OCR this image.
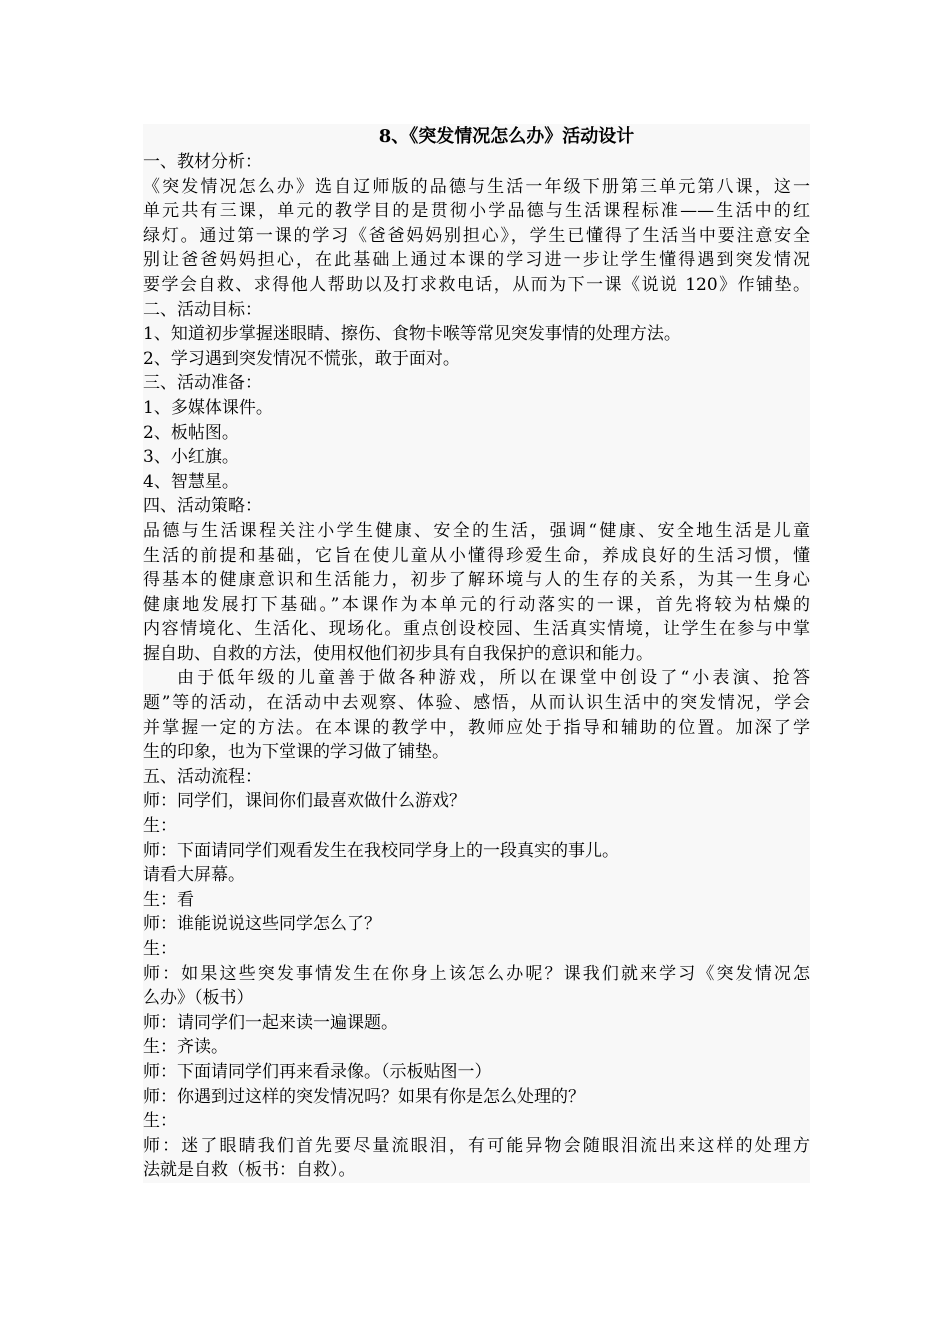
8、《突发情况怎么办》活动设计
一、教材分析：
《突发情况怎么办》选自辽师版的品德与生活一年级下册第三单元第八课，这一
单元共有三课，单元的教学目的是贯彻小学品德与生活课程标准——生活中的红
绿灯。通过第一课的学习《爸爸妈妈别担心》，学生已懂得了生活当中要注意安全
别让爸爸妈妈担心，在此基础上通过本课的学习进一步让学生懂得遇到突发情况
要学会自救、求得他人帮助以及打求救电话，从而为下一课《说说 120》作铺垫。
二、活动目标：
1、知道初步掌握迷眼睛、擦伤、食物卡喉等常见突发事情的处理方法。
2、学习遇到突发情况不慌张，敢于面对。
三、活动准备：
1、多媒体课件。
2、板帖图。
3、小红旗。
4、智慧星。
四、活动策略：
品德与生活课程关注小学生健康、安全的生活，强调“健康、安全地生活是儿童
生活的前提和基础，它旨在使儿童从小懂得珍爱生命，养成良好的生活习惯，懂
得基本的健康意识和生活能力，初步了解环境与人的生存的关系，为其一生身心
健康地发展打下基础。”本课作为本单元的行动落实的一课，首先将较为枯燥的
内容情境化、生活化、现场化。重点创设校园、生活真实情境，让学生在参与中掌
握自助、自救的方法，使用权他们初步具有自我保护的意识和能力。
由于低年级的儿童善于做各种游戏，所以在课堂中创设了“小表演、抢答
题”等的活动，在活动中去观察、体验、感悟，从而认识生活中的突发情况，学会
并掌握一定的方法。在本课的教学中，教师应处于指导和辅助的位置。加深了学
生的印象，也为下堂课的学习做了铺垫。
五、活动流程：
师：同学们，课间你们最喜欢做什么游戏？
生：
师：下面请同学们观看发生在我校同学身上的一段真实的事儿。
请看大屏幕。
生：看
师：谁能说说这些同学怎么了？
生：
师：如果这些突发事情发生在你身上该怎么办呢？课我们就来学习《突发情况怎
么办》（板书）
师：请同学们一起来读一遍课题。
生：齐读。
师：下面请同学们再来看录像。（示板贴图一）
师：你遇到过这样的突发情况吗？如果有你是怎么处理的？
生：
师：迷了眼睛我们首先要尽量流眼泪，有可能异物会随眼泪流出来这样的处理方
法就是自救（板书：自救）。
